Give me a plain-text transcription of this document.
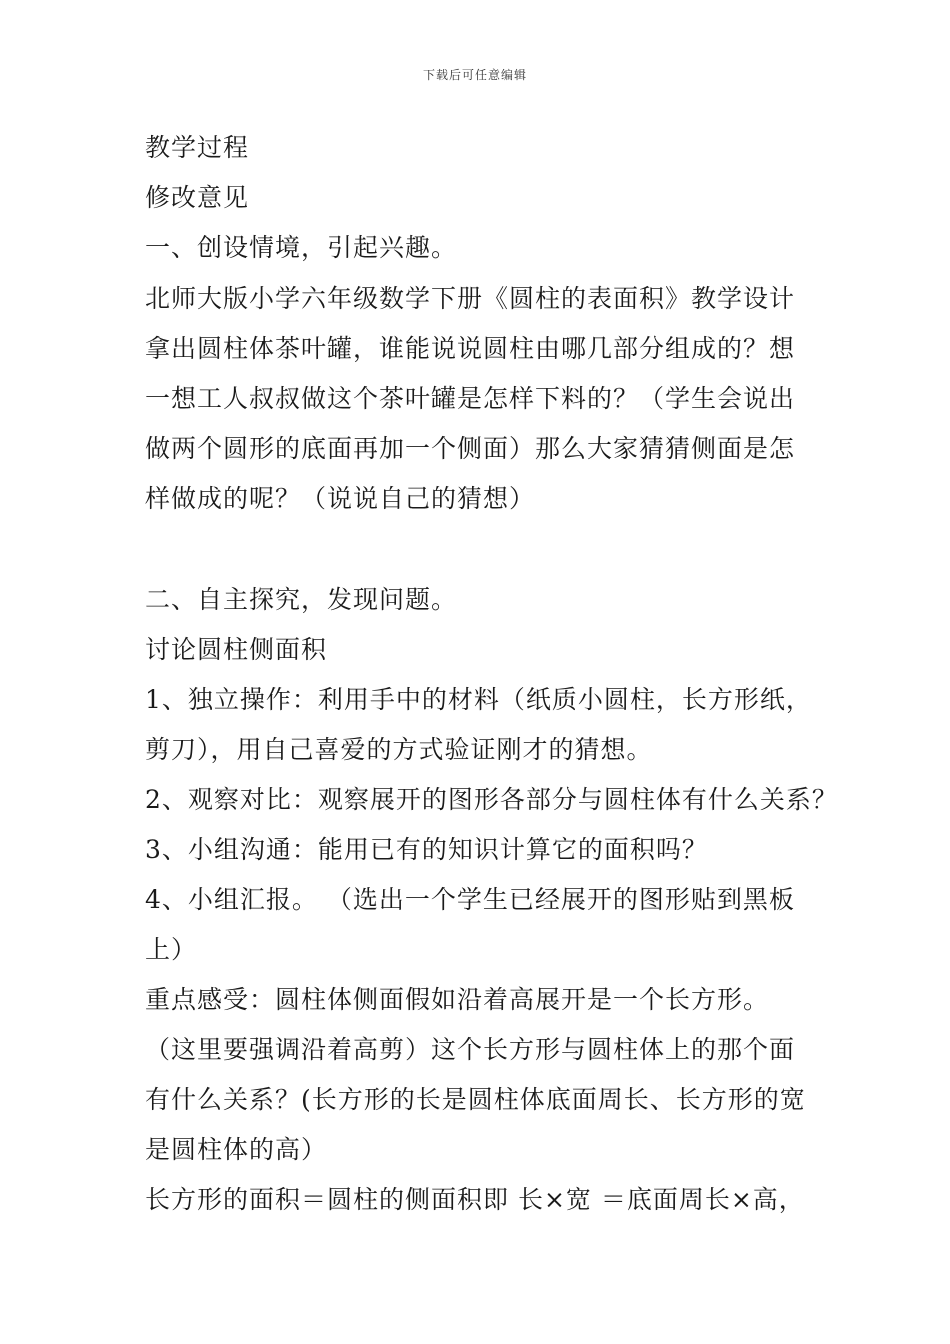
下载后可任意编辑
教学过程
修改意见
一、创设情境，引起兴趣。
北师大版小学六年级数学下册《圆柱的表面积》教学设计
拿出圆柱体茶叶罐，谁能说说圆柱由哪几部分组成的？想
一想工人叔叔做这个茶叶罐是怎样下料的？（学生会说出
做两个圆形的底面再加一个侧面）那么大家猜猜侧面是怎
样做成的呢？（说说自己的猜想）
二、自主探究，发现问题。
讨论圆柱侧面积
1、独立操作：利用手中的材料（纸质小圆柱，长方形纸，
剪刀），用自己喜爱的方式验证刚才的猜想。
2、观察对比：观察展开的图形各部分与圆柱体有什么关系？
3、小组沟通：能用已有的知识计算它的面积吗？
4、小组汇报。 （选出一个学生已经展开的图形贴到黑板
上）
重点感受：圆柱体侧面假如沿着高展开是一个长方形。
（这里要强调沿着高剪）这个长方形与圆柱体上的那个面
有什么关系？(长方形的长是圆柱体底面周长、长方形的宽
是圆柱体的高）
长方形的面积＝圆柱的侧面积即 长×宽 ＝底面周长×高，
